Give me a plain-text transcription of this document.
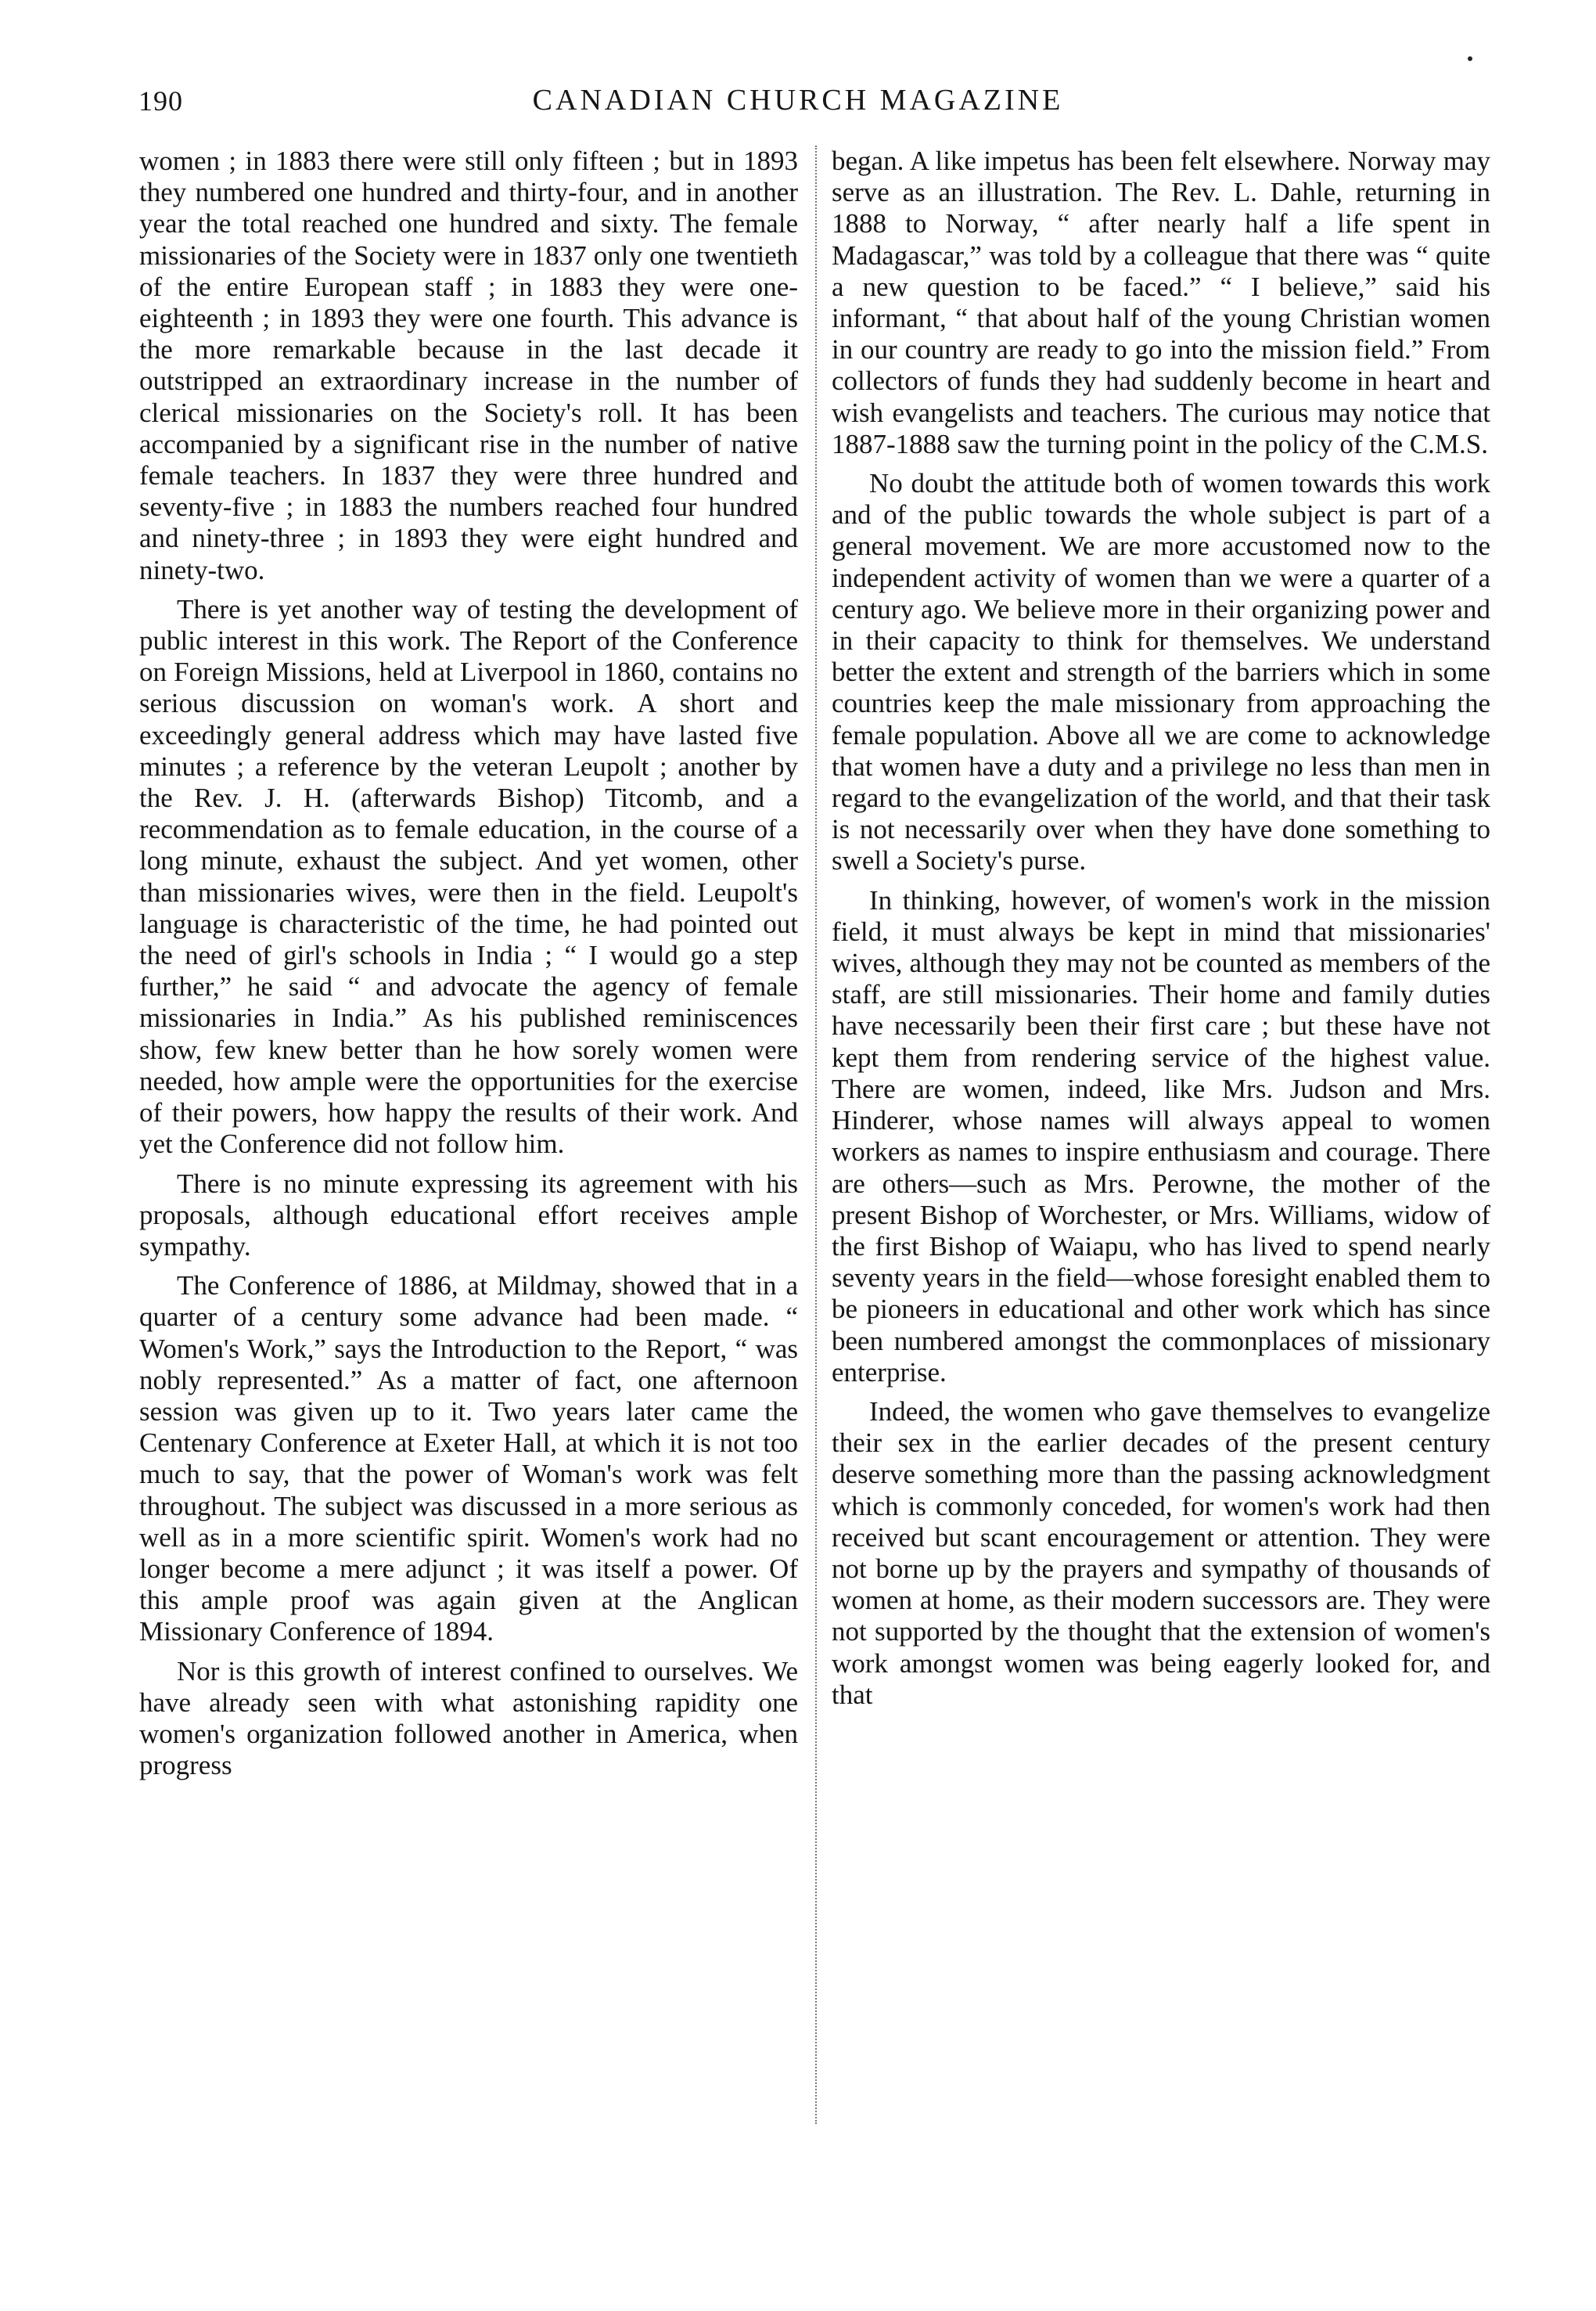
190	CANADIAN CHURCH MAGAZINE

women ; in 1883 there were still only fifteen ; but in 1893 they numbered one hundred and thirty-four, and in another year the total reached one hundred and sixty. The female missionaries of the Society were in 1837 only one twentieth of the entire European staff ; in 1883 they were one-eighteenth ; in 1893 they were one fourth. This advance is the more remarkable because in the last decade it outstripped an extraordinary increase in the number of clerical missionaries on the Society's roll. It has been accompanied by a significant rise in the number of native female teachers. In 1837 they were three hundred and seventy-five ; in 1883 the numbers reached four hundred and ninety-three ; in 1893 they were eight hundred and ninety-two.

There is yet another way of testing the development of public interest in this work. The Report of the Conference on Foreign Missions, held at Liverpool in 1860, contains no serious discussion on woman's work. A short and exceedingly general address which may have lasted five minutes ; a reference by the veteran Leupolt ; another by the Rev. J. H. (afterwards Bishop) Titcomb, and a recommendation as to female education, in the course of a long minute, exhaust the subject. And yet women, other than missionaries wives, were then in the field. Leupolt's language is characteristic of the time, he had pointed out the need of girl's schools in India ; “ I would go a step further,” he said “ and advocate the agency of female missionaries in India.” As his published reminiscences show, few knew better than he how sorely women were needed, how ample were the opportunities for the exercise of their powers, how happy the results of their work. And yet the Conference did not follow him.

There is no minute expressing its agreement with his proposals, although educational effort receives ample sympathy.

The Conference of 1886, at Mildmay, showed that in a quarter of a century some advance had been made. “ Women's Work,” says the Introduction to the Report, “ was nobly represented.” As a matter of fact, one afternoon session was given up to it. Two years later came the Centenary Conference at Exeter Hall, at which it is not too much to say, that the power of Woman's work was felt throughout. The subject was discussed in a more serious as well as in a more scientific spirit. Women's work had no longer become a mere adjunct ; it was itself a power. Of this ample proof was again given at the Anglican Missionary Conference of 1894.

Nor is this growth of interest confined to ourselves. We have already seen with what astonishing rapidity one women's organization followed another in America, when progress

began. A like impetus has been felt elsewhere. Norway may serve as an illustration. The Rev. L. Dahle, returning in 1888 to Norway, “ after nearly half a life spent in Madagascar,” was told by a colleague that there was “ quite a new question to be faced.” “ I believe,” said his informant, “ that about half of the young Christian women in our country are ready to go into the mission field.” From collectors of funds they had suddenly become in heart and wish evangelists and teachers. The curious may notice that 1887-1888 saw the turning point in the policy of the C.M.S.

No doubt the attitude both of women towards this work and of the public towards the whole subject is part of a general movement. We are more accustomed now to the independent activity of women than we were a quarter of a century ago. We believe more in their organizing power and in their capacity to think for themselves. We understand better the extent and strength of the barriers which in some countries keep the male missionary from approaching the female population. Above all we are come to acknowledge that women have a duty and a privilege no less than men in regard to the evangelization of the world, and that their task is not necessarily over when they have done something to swell a Society's purse.

In thinking, however, of women's work in the mission field, it must always be kept in mind that missionaries' wives, although they may not be counted as members of the staff, are still missionaries. Their home and family duties have necessarily been their first care ; but these have not kept them from rendering service of the highest value. There are women, indeed, like Mrs. Judson and Mrs. Hinderer, whose names will always appeal to women workers as names to inspire enthusiasm and courage. There are others—such as Mrs. Perowne, the mother of the present Bishop of Worchester, or Mrs. Williams, widow of the first Bishop of Waiapu, who has lived to spend nearly seventy years in the field—whose foresight enabled them to be pioneers in educational and other work which has since been numbered amongst the commonplaces of missionary enterprise.

Indeed, the women who gave themselves to evangelize their sex in the earlier decades of the present century deserve something more than the passing acknowledgment which is commonly conceded, for women's work had then received but scant encouragement or attention. They were not borne up by the prayers and sympathy of thousands of women at home, as their modern successors are. They were not supported by the thought that the extension of women's work amongst women was being eagerly looked for, and that
